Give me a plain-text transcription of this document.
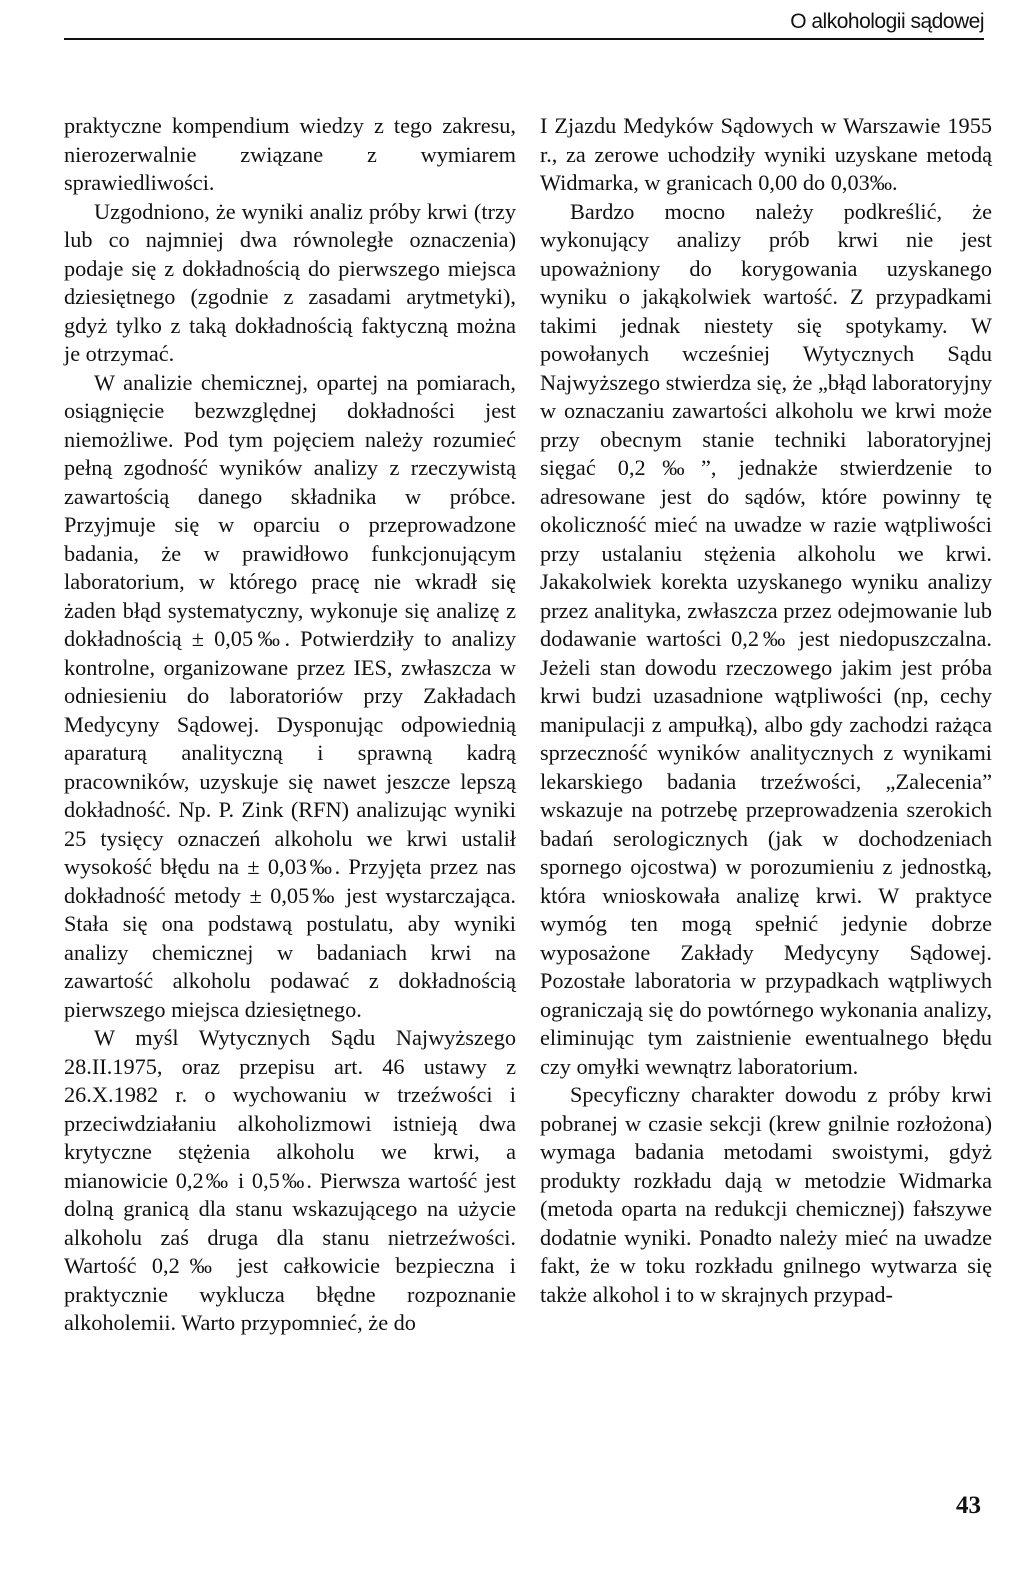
O alkohologii sądowej

praktyczne kompendium wiedzy z tego zakresu, nierozerwalnie związane z wymiarem sprawiedliwości.

Uzgodniono, że wyniki analiz próby krwi (trzy lub co najmniej dwa równoległe oznaczenia) podaje się z dokładnością do pierwszego miejsca dziesiętnego (zgodnie z zasadami arytmetyki), gdyż tylko z taką dokładnością faktyczną można je otrzymać.

W analizie chemicznej, opartej na pomiarach, osiągnięcie bezwzględnej dokładności jest niemożliwe. Pod tym pojęciem należy rozumieć pełną zgodność wyników analizy z rzeczywistą zawartością danego składnika w próbce. Przyjmuje się w oparciu o przeprowadzone badania, że w prawidłowo funkcjonującym laboratorium, w którego pracę nie wkradł się żaden błąd systematyczny, wykonuje się analizę z dokładnością ± 0,05‰. Potwierdziły to analizy kontrolne, organizowane przez IES, zwłaszcza w odniesieniu do laboratoriów przy Zakładach Medycyny Sądowej. Dysponując odpowiednią aparaturą analityczną i sprawną kadrą pracowników, uzyskuje się nawet jeszcze lepszą dokładność. Np. P. Zink (RFN) analizując wyniki 25 tysięcy oznaczeń alkoholu we krwi ustalił wysokość błędu na ± 0,03‰. Przyjęta przez nas dokładność metody ± 0,05‰ jest wystarczająca. Stała się ona podstawą postulatu, aby wyniki analizy chemicznej w badaniach krwi na zawartość alkoholu podawać z dokładnością pierwszego miejsca dziesiętnego.

W myśl Wytycznych Sądu Najwyższego 28.II.1975, oraz przepisu art. 46 ustawy z 26.X.1982 r. o wychowaniu w trzeźwości i przeciwdziałaniu alkoholizmowi istnieją dwa krytyczne stężenia alkoholu we krwi, a mianowicie 0,2‰ i 0,5‰. Pierwsza wartość jest dolną granicą dla stanu wskazującego na użycie alkoholu zaś druga dla stanu nietrzeźwości. Wartość 0,2‰ jest całkowicie bezpieczna i praktycznie wyklucza błędne rozpoznanie alkoholemii. Warto przypomnieć, że do

I Zjazdu Medyków Sądowych w Warszawie 1955 r., za zerowe uchodziły wyniki uzyskane metodą Widmarka, w granicach 0,00 do 0,03‰.

Bardzo mocno należy podkreślić, że wykonujący analizy prób krwi nie jest upoważniony do korygowania uzyskanego wyniku o jakąkolwiek wartość. Z przypadkami takimi jednak niestety się spotykamy. W powołanych wcześniej Wytycznych Sądu Najwyższego stwierdza się, że „błąd laboratoryjny w oznaczaniu zawartości alkoholu we krwi może przy obecnym stanie techniki laboratoryjnej sięgać 0,2‰”, jednakże stwierdzenie to adresowane jest do sądów, które powinny tę okoliczność mieć na uwadze w razie wątpliwości przy ustalaniu stężenia alkoholu we krwi. Jakakolwiek korekta uzyskanego wyniku analizy przez analityka, zwłaszcza przez odejmowanie lub dodawanie wartości 0,2‰ jest niedopuszczalna. Jeżeli stan dowodu rzeczowego jakim jest próba krwi budzi uzasadnione wątpliwości (np, cechy manipulacji z ampułką), albo gdy zachodzi rażąca sprzeczność wyników analitycznych z wynikami lekarskiego badania trzeźwości, „Zalecenia” wskazuje na potrzebę przeprowadzenia szerokich badań serologicznych (jak w dochodzeniach spornego ojcostwa) w porozumieniu z jednostką, która wnioskowała analizę krwi. W praktyce wymóg ten mogą spełnić jedynie dobrze wyposażone Zakłady Medycyny Sądowej. Pozostałe laboratoria w przypadkach wątpliwych ograniczają się do powtórnego wykonania analizy, eliminując tym zaistnienie ewentualnego błędu czy omyłki wewnątrz laboratorium.

Specyficzny charakter dowodu z próby krwi pobranej w czasie sekcji (krew gnilnie rozłożona) wymaga badania metodami swoistymi, gdyż produkty rozkładu dają w metodzie Widmarka (metoda oparta na redukcji chemicznej) fałszywe dodatnie wyniki. Ponadto należy mieć na uwadze fakt, że w toku rozkładu gnilnego wytwarza się także alkohol i to w skrajnych przypad-

43
